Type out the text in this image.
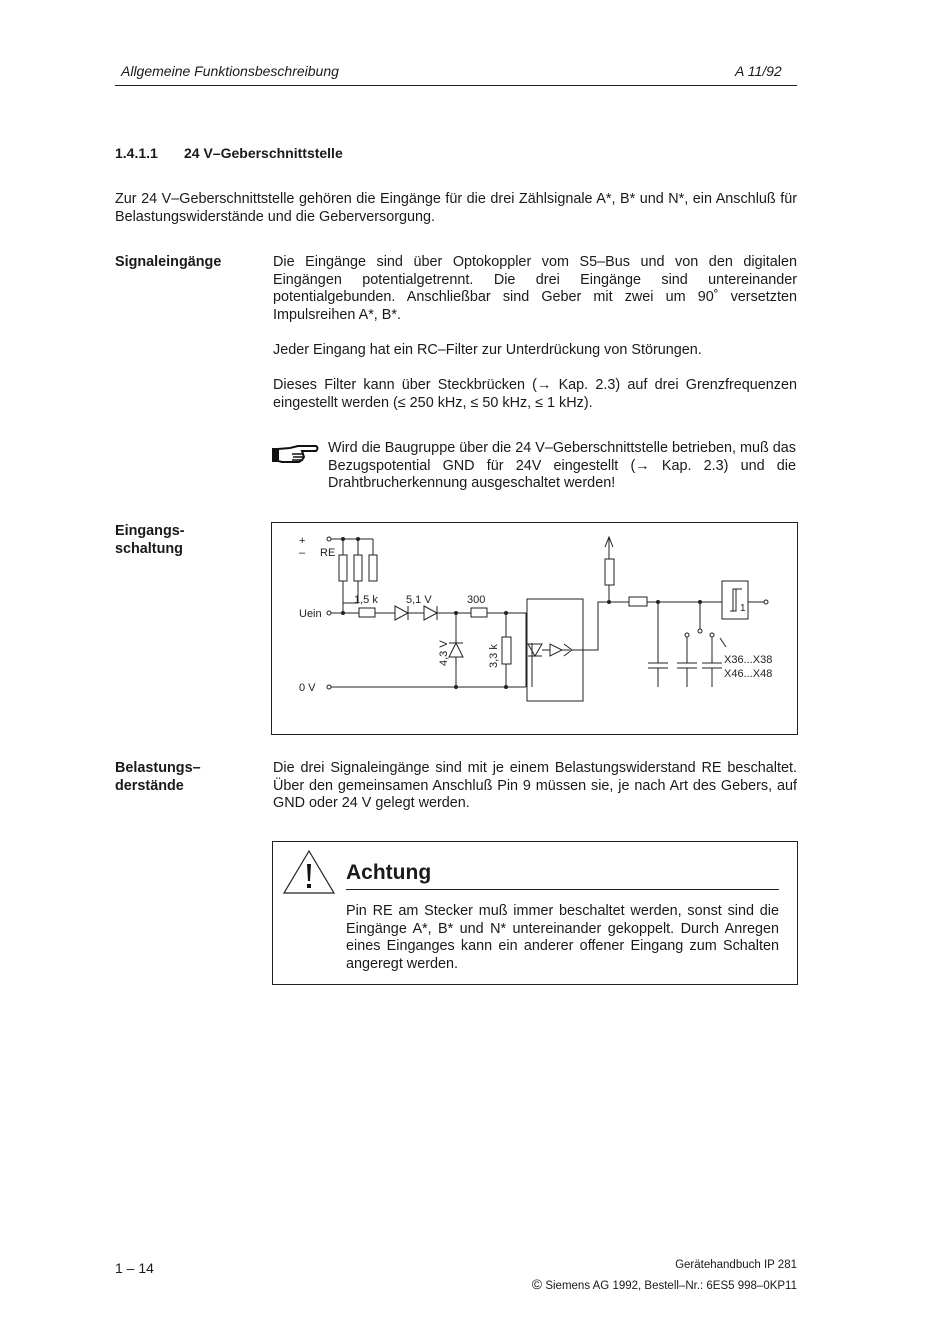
Allgemeine Funktionsbeschreibung	A 11/92
1.4.1.1 24 V–Geberschnittstelle
Zur 24 V–Geberschnittstelle gehören die Eingänge für die drei Zählsignale A*, B* und N*, ein Anschluß für Belastungswiderstände und die Geberversorgung.
Signaleingänge	Die Eingänge sind über Optokoppler vom S5–Bus und von den digitalen Eingängen potentialgetrennt. Die drei Eingänge sind untereinander potentialgebunden. Anschließbar sind Geber mit zwei um 90˚ versetzten Impulsreihen A*, B*.
Jeder Eingang hat ein RC–Filter zur Unterdrückung von Störungen.
Dieses Filter kann über Steckbrücken (→ Kap. 2.3) auf drei Grenzfrequenzen eingestellt werden (≤ 250 kHz, ≤ 50 kHz, ≤ 1 kHz).
Wird die Baugruppe über die 24 V–Geberschnittstelle betrieben, muß das Bezugspotential GND für 24V eingestellt (→ Kap. 2.3) und die Drahtbrucherkennung ausgeschaltet werden!
Eingangs-
schaltung	+
– RE
1,5 k	5,1 V	300
Uein
4,3 V	3,3 k
0 V
1
X36...X38
X46...X48
Belastungs–
derstände
Die drei Signaleingänge sind mit je einem Belastungswiderstand RE beschaltet. Über den gemeinsamen Anschluß Pin 9 müssen sie, je nach Art des Gebers, auf GND oder 24 V gelegt werden.
Achtung
Pin RE am Stecker muß immer beschaltet werden, sonst sind die Eingänge A*, B* und N* untereinander gekoppelt. Durch Anregen eines Einganges kann ein anderer offener Eingang zum Schalten angeregt werden.
1 – 14	Gerätehandbuch IP 281
© Siemens AG 1992, Bestell–Nr.: 6ES5 998–0KP11
